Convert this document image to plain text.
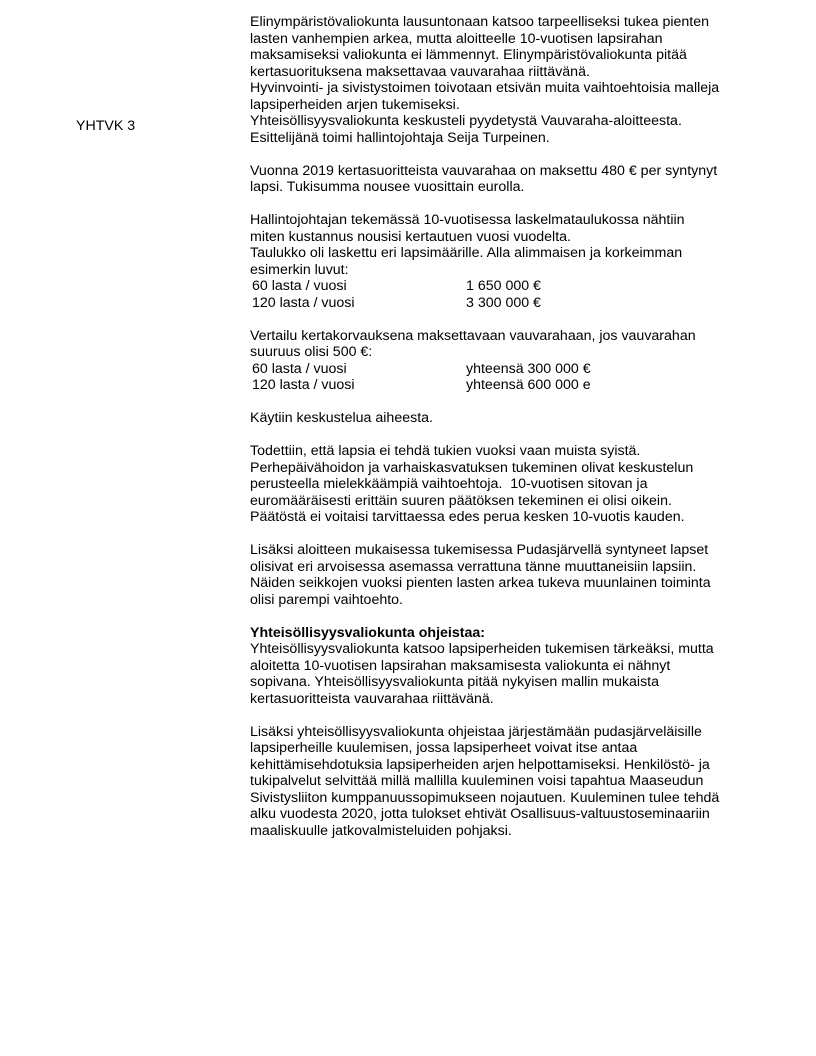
YHTVK 3
Elinympäristövaliokunta lausuntonaan katsoo tarpeelliseksi tukea pienten
lasten vanhempien arkea, mutta aloitteelle 10-vuotisen lapsirahan
maksamiseksi valiokunta ei lämmennyt. Elinympäristövaliokunta pitää
kertasuorituksena maksettavaa vauvarahaa riittävänä.
Hyvinvointi- ja sivistystoimen toivotaan etsivän muita vaihtoehtoisia malleja
lapsiperheiden arjen tukemiseksi.
Yhteisöllisyysvaliokunta keskusteli pyydetystä Vauvaraha-aloitteesta.
Esittelijänä toimi hallintojohtaja Seija Turpeinen.
Vuonna 2019 kertasuoritteista vauvarahaa on maksettu 480 € per syntynyt
lapsi. Tukisumma nousee vuosittain eurolla.
Hallintojohtajan tekemässä 10-vuotisessa laskelmataulukossa nähtiin
miten kustannus nousisi kertautuen vuosi vuodelta.
Taulukko oli laskettu eri lapsimäärille. Alla alimmaisen ja korkeimman
esimerkin luvut:
60 lasta / vuosi	1 650 000 €
120 lasta / vuosi	3 300 000 €
Vertailu kertakorvauksena maksettavaan vauvarahaan, jos vauvarahan
suuruus olisi 500 €:
60 lasta / vuosi	yhteensä 300 000 €
120 lasta / vuosi	yhteensä 600 000 e
Käytiin keskustelua aiheesta.
Todettiin, että lapsia ei tehdä tukien vuoksi vaan muista syistä.
Perhepäivähoidon ja varhaiskasvatuksen tukeminen olivat keskustelun
perusteella mielekkäämpiä vaihtoehtoja.  10-vuotisen sitovan ja
euromääräisesti erittäin suuren päätöksen tekeminen ei olisi oikein.
Päätöstä ei voitaisi tarvittaessa edes perua kesken 10-vuotis kauden.
Lisäksi aloitteen mukaisessa tukemisessa Pudasjärvellä syntyneet lapset
olisivat eri arvoisessa asemassa verrattuna tänne muuttaneisiin lapsiin.
Näiden seikkojen vuoksi pienten lasten arkea tukeva muunlainen toiminta
olisi parempi vaihtoehto.
Yhteisöllisyysvaliokunta ohjeistaa:
Yhteisöllisyysvaliokunta katsoo lapsiperheiden tukemisen tärkeäksi, mutta
aloitetta 10-vuotisen lapsirahan maksamisesta valiokunta ei nähnyt
sopivana. Yhteisöllisyysvaliokunta pitää nykyisen mallin mukaista
kertasuoritteista vauvarahaa riittävänä.
Lisäksi yhteisöllisyysvaliokunta ohjeistaa järjestämään pudasjärveläisille
lapsiperheille kuulemisen, jossa lapsiperheet voivat itse antaa
kehittämisehdotuksia lapsiperheiden arjen helpottamiseksi. Henkilöstö- ja
tukipalvelut selvittää millä mallilla kuuleminen voisi tapahtua Maaseudun
Sivistysliiton kumppanuussopimukseen nojautuen. Kuuleminen tulee tehdä
alku vuodesta 2020, jotta tulokset ehtivät Osallisuus-valtuustoseminaariin
maaliskuulle jatkovalmisteluiden pohjaksi.
